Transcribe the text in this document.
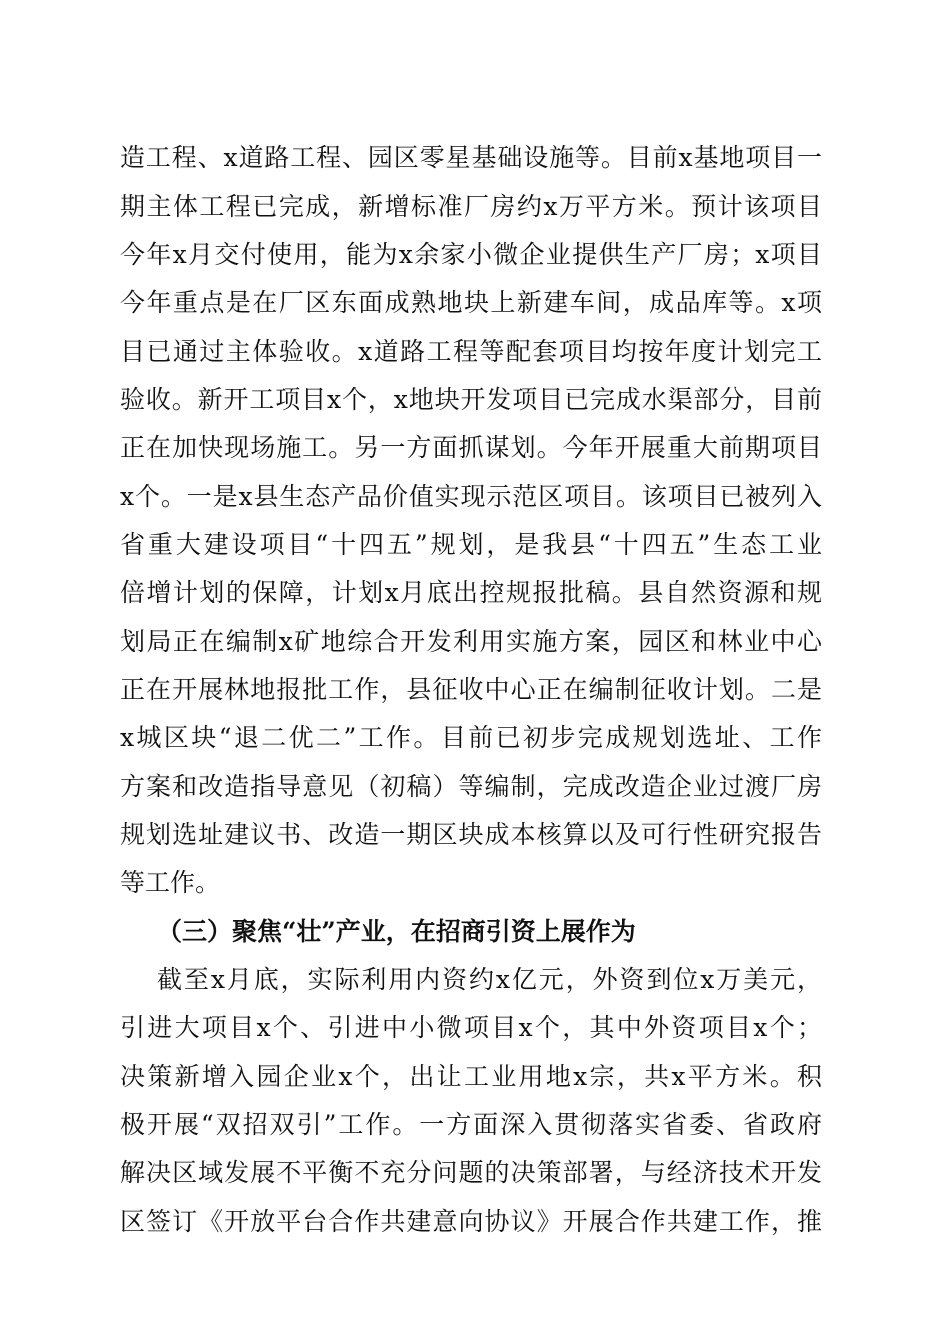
造工程、x道路工程、园区零星基础设施等。目前x基地项目一

期主体工程已完成，新增标准厂房约x万平方米。预计该项目

今年x月交付使用，能为x余家小微企业提供生产厂房；x项目

今年重点是在厂区东面成熟地块上新建车间，成品库等。x项

目已通过主体验收。x道路工程等配套项目均按年度计划完工

验收。新开工项目x个，x地块开发项目已完成水渠部分，目前

正在加快现场施工。另一方面抓谋划。今年开展重大前期项目

x个。一是x县生态产品价值实现示范区项目。该项目已被列入

省重大建设项目“十四五”规划，是我县“十四五”生态工业

倍增计划的保障，计划x月底出控规报批稿。县自然资源和规

划局正在编制x矿地综合开发利用实施方案，园区和林业中心

正在开展林地报批工作，县征收中心正在编制征收计划。二是

x城区块“退二优二”工作。目前已初步完成规划选址、工作

方案和改造指导意见（初稿）等编制，完成改造企业过渡厂房

规划选址建议书、改造一期区块成本核算以及可行性研究报告

等工作。

（三）聚焦“壮”产业，在招商引资上展作为

截至x月底，实际利用内资约x亿元，外资到位x万美元，

引进大项目x个、引进中小微项目x个，其中外资项目x个；

决策新增入园企业x个，出让工业用地x宗，共x平方米。积

极开展“双招双引”工作。一方面深入贯彻落实省委、省政府

解决区域发展不平衡不充分问题的决策部署，与经济技术开发

区签订《开放平台合作共建意向协议》开展合作共建工作，推
